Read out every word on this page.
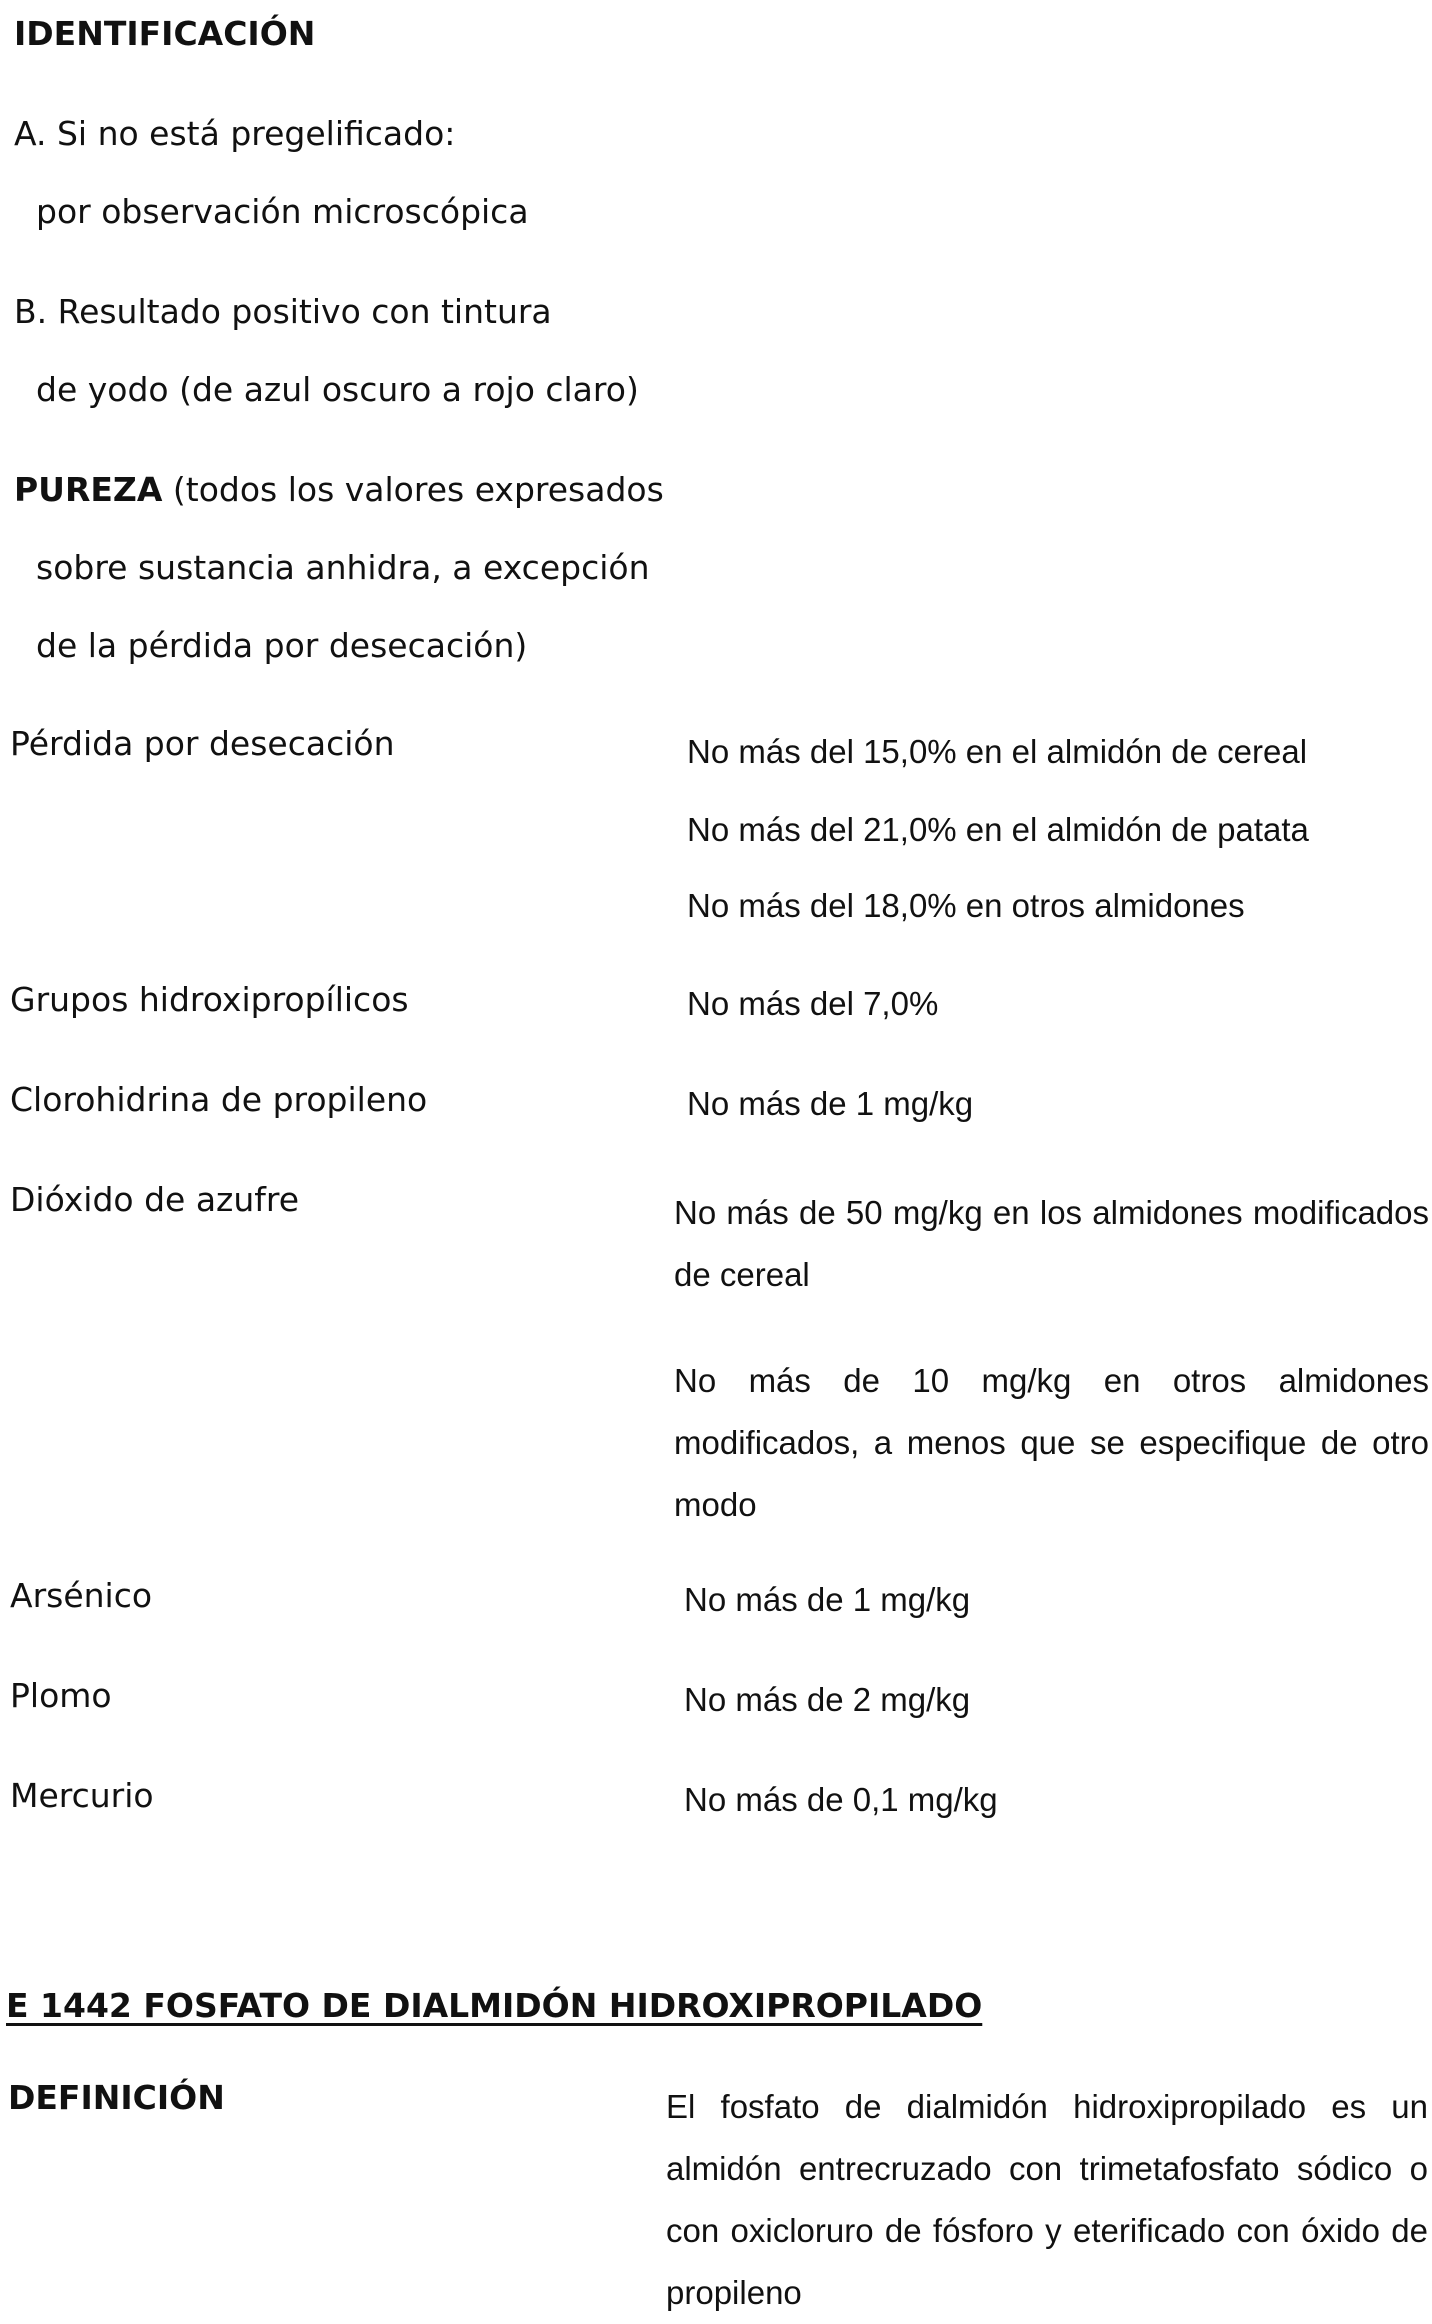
IDENTIFICACIÓN
A. Si no está pregelificado:
por observación microscópica
B. Resultado positivo con tintura
de yodo (de azul oscuro a rojo claro)
PUREZA (todos los valores expresados
sobre sustancia anhidra, a excepción
de la pérdida por desecación)
Pérdida por desecación	No más del 15,0% en el almidón de cereal
No más del 21,0% en el almidón de patata
No más del 18,0% en otros almidones
Grupos hidroxipropílicos	No más del 7,0%
Clorohidrina de propileno	No más de 1 mg/kg
Dióxido de azufre	No más de 50 mg/kg en los almidones modificados de cereal
No más de 10 mg/kg en otros almidones modificados, a menos que se especifique de otro modo
Arsénico	No más de 1 mg/kg
Plomo	No más de 2 mg/kg
Mercurio	No más de 0,1 mg/kg
E 1442 FOSFATO DE DIALMIDÓN HIDROXIPROPILADO
DEFINICIÓN	El fosfato de dialmidón hidroxipropilado es un almidón entrecruzado con trimetafosfato sódico o con oxicloruro de fósforo y eterificado con óxido de propileno
